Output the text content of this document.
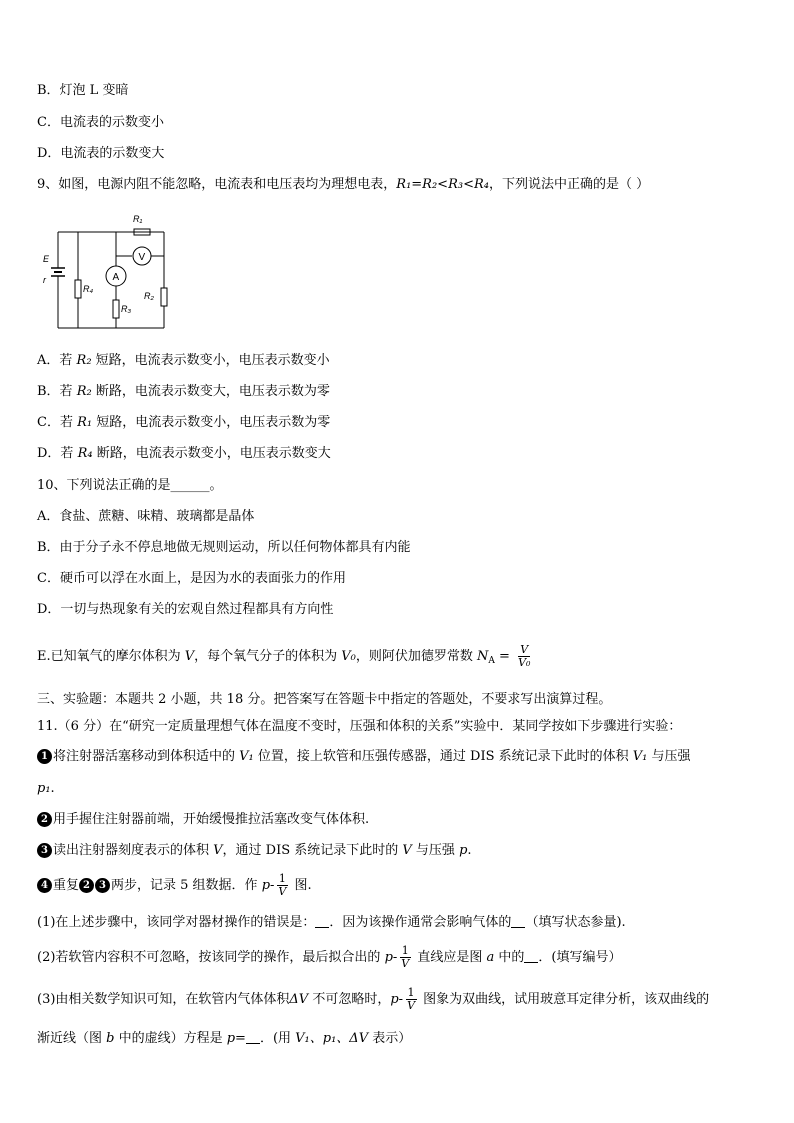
B．灯泡 L 变暗
C．电流表的示数变小
D．电流表的示数变大
9、如图，电源内阻不能忽略，电流表和电压表均为理想电表，R₁=R₂<R₃<R₄，下列说法中正确的是（ ）
E
r
R₁
R₂
R₃
R₄
A
V
A．若 R₂ 短路，电流表示数变小，电压表示数变小
B．若 R₂ 断路，电流表示数变大，电压表示数为零
C．若 R₁ 短路，电流表示数变小，电压表示数为零
D．若 R₄ 断路，电流表示数变小，电压表示数变大
10、下列说法正确的是______。
A．食盐、蔗糖、味精、玻璃都是晶体
B．由于分子永不停息地做无规则运动，所以任何物体都具有内能
C．硬币可以浮在水面上，是因为水的表面张力的作用
D．一切与热现象有关的宏观自然过程都具有方向性
E.已知氧气的摩尔体积为 V，每个氧气分子的体积为 V₀，则阿伏加德罗常数 $N_A = \frac{V}{\text{V₀}}$
三、实验题：本题共 2 小题，共 18 分。把答案写在答题卡中指定的答题处，不要求写出演算过程。
11.（6 分）在“研究一定质量理想气体在温度不变时，压强和体积的关系”实验中．某同学按如下步骤进行实验：
1 将注射器活塞移动到体积适中的 V₁ 位置，接上软管和压强传感器，通过 DIS 系统记录下此时的体积 V₁ 与压强
p₁.
2 用手握住注射器前端，开始缓慢推拉活塞改变气体体积.
3 读出注射器刻度表示的体积 V，通过 DIS 系统记录下此时的 V 与压强 p.
4 重复 2 3 两步，记录 5 组数据．作 $p- \frac{1}{V}$ 图.
(1)在上述步骤中，该同学对器材操作的错误是： ．因为该操作通常会影响气体的 （填写状态参量).
(2)若软管内容积不可忽略，按该同学的操作，最后拟合出的 $p- \frac{1}{V}$ 直线应是图 a 中的 ．(填写编号）
(3)由相关数学知识可知，在软管内气体体积ΔV 不可忽略时，$p- \frac{1}{V}$ 图象为双曲线，试用玻意耳定律分析，该双曲线的
渐近线（图 b 中的虚线）方程是 p= ．(用 V₁、p₁、ΔV 表示）
